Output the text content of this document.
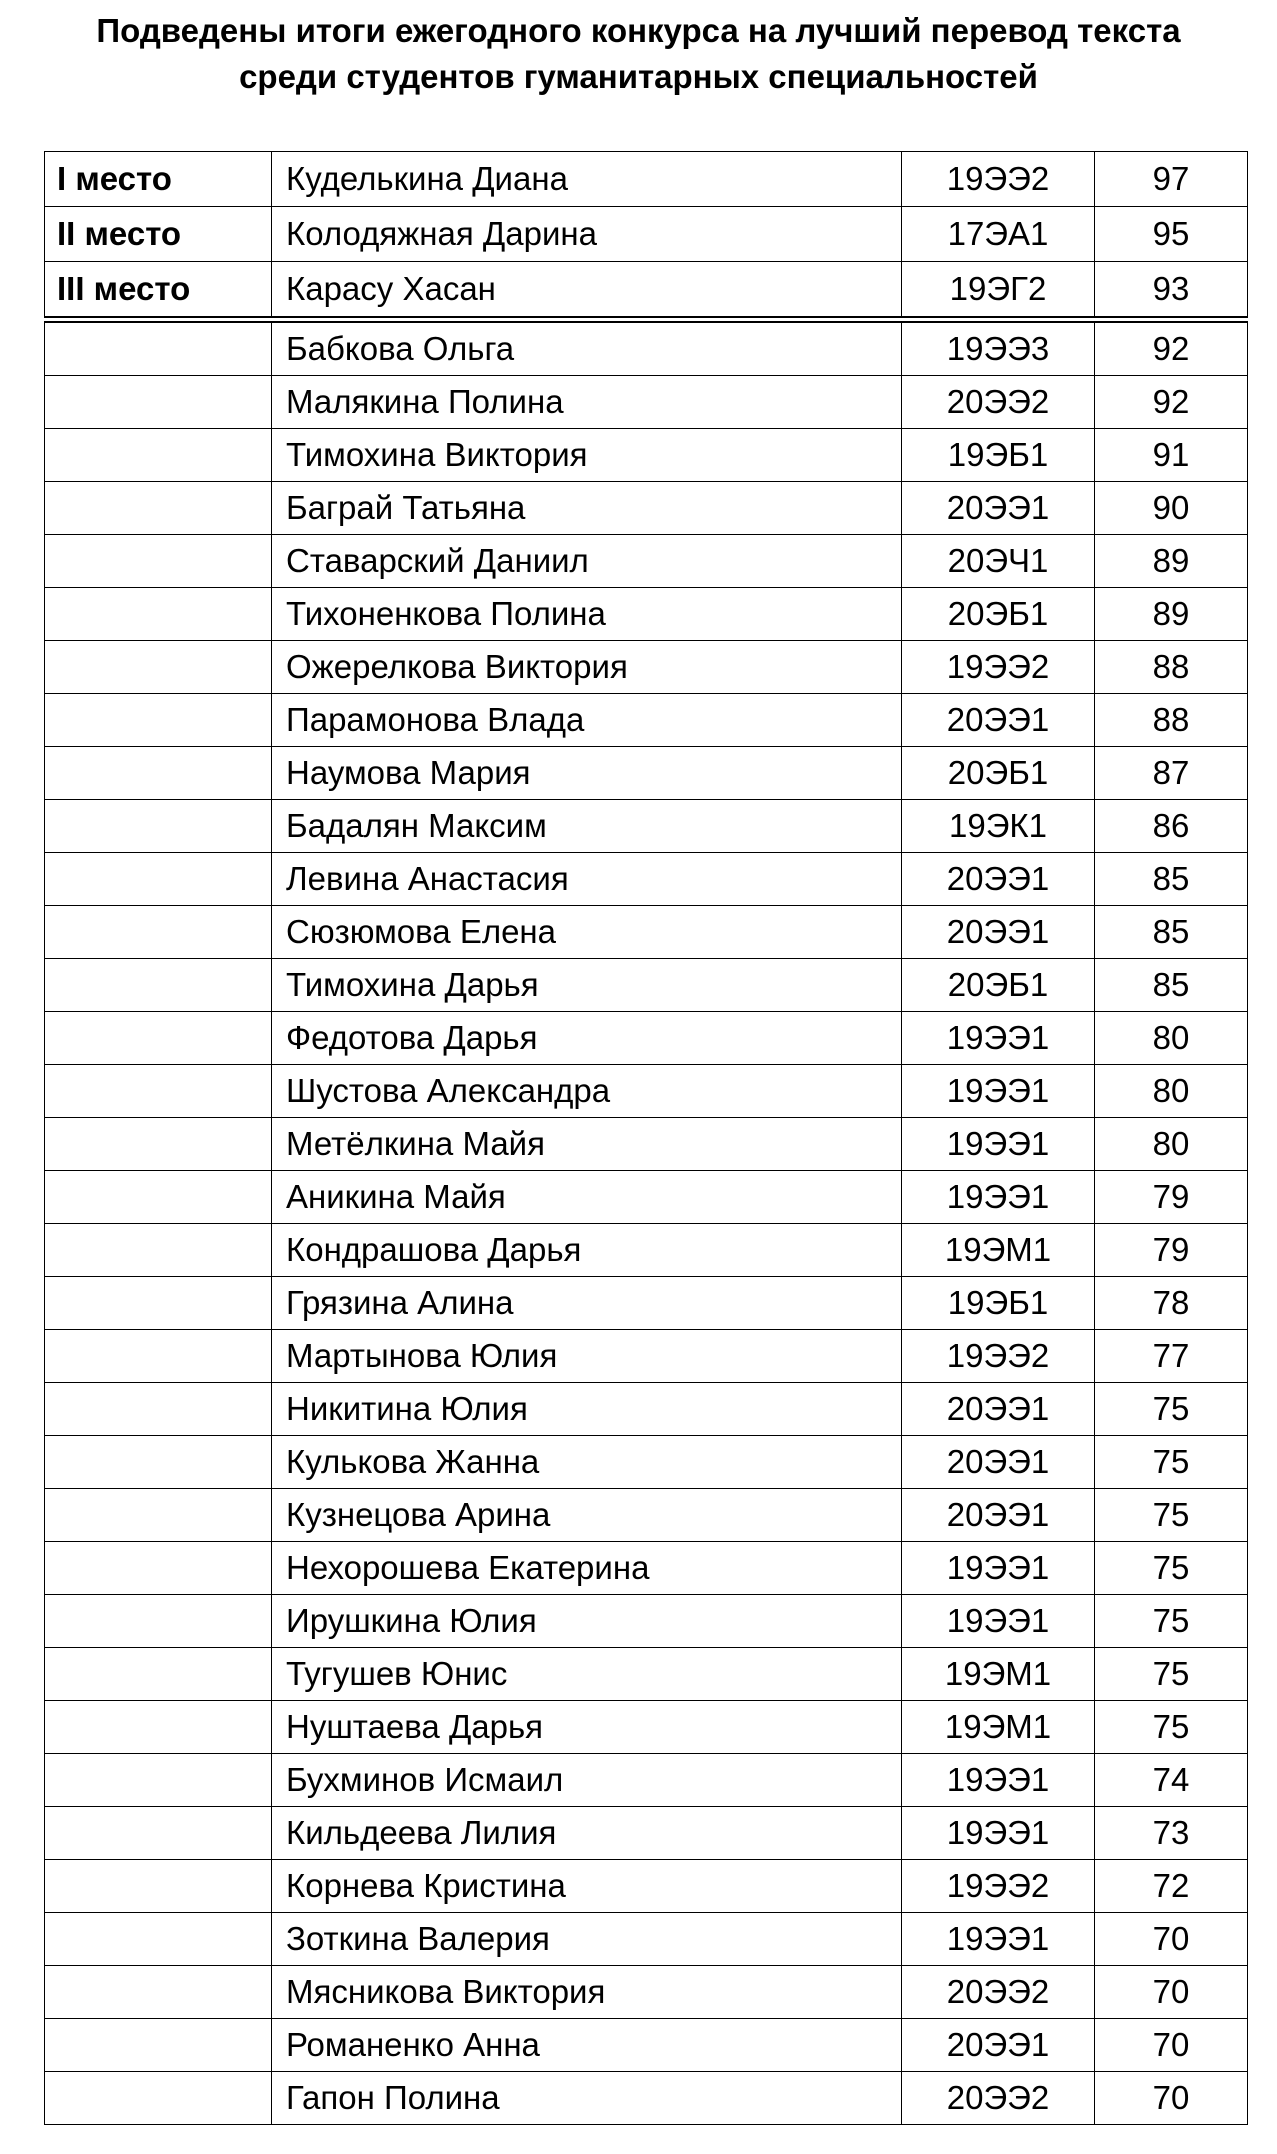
Подведены итоги ежегодного конкурса на лучший перевод текста
среди студентов гуманитарных специальностей
I место	Куделькина Диана	19ЭЭ2	97
II место	Колодяжная Дарина	17ЭА1	95
III место	Карасу Хасан	19ЭГ2	93
	Бабкова Ольга	19ЭЭ3	92
	Малякина Полина	20ЭЭ2	92
	Тимохина Виктория	19ЭБ1	91
	Баграй Татьяна	20ЭЭ1	90
	Ставарский Даниил	20ЭЧ1	89
	Тихоненкова Полина	20ЭБ1	89
	Ожерелкова Виктория	19ЭЭ2	88
	Парамонова Влада	20ЭЭ1	88
	Наумова Мария	20ЭБ1	87
	Бадалян Максим	19ЭК1	86
	Левина Анастасия	20ЭЭ1	85
	Сюзюмова Елена	20ЭЭ1	85
	Тимохина Дарья	20ЭБ1	85
	Федотова Дарья	19ЭЭ1	80
	Шустова Александра	19ЭЭ1	80
	Метёлкина Майя	19ЭЭ1	80
	Аникина Майя	19ЭЭ1	79
	Кондрашова Дарья	19ЭМ1	79
	Грязина Алина	19ЭБ1	78
	Мартынова Юлия	19ЭЭ2	77
	Никитина Юлия	20ЭЭ1	75
	Кулькова Жанна	20ЭЭ1	75
	Кузнецова Арина	20ЭЭ1	75
	Нехорошева Екатерина	19ЭЭ1	75
	Ирушкина Юлия	19ЭЭ1	75
	Тугушев Юнис	19ЭМ1	75
	Нуштаева Дарья	19ЭМ1	75
	Бухминов Исмаил	19ЭЭ1	74
	Кильдеева Лилия	19ЭЭ1	73
	Корнева Кристина	19ЭЭ2	72
	Зоткина Валерия	19ЭЭ1	70
	Мясникова Виктория	20ЭЭ2	70
	Романенко Анна	20ЭЭ1	70
	Гапон Полина	20ЭЭ2	70
